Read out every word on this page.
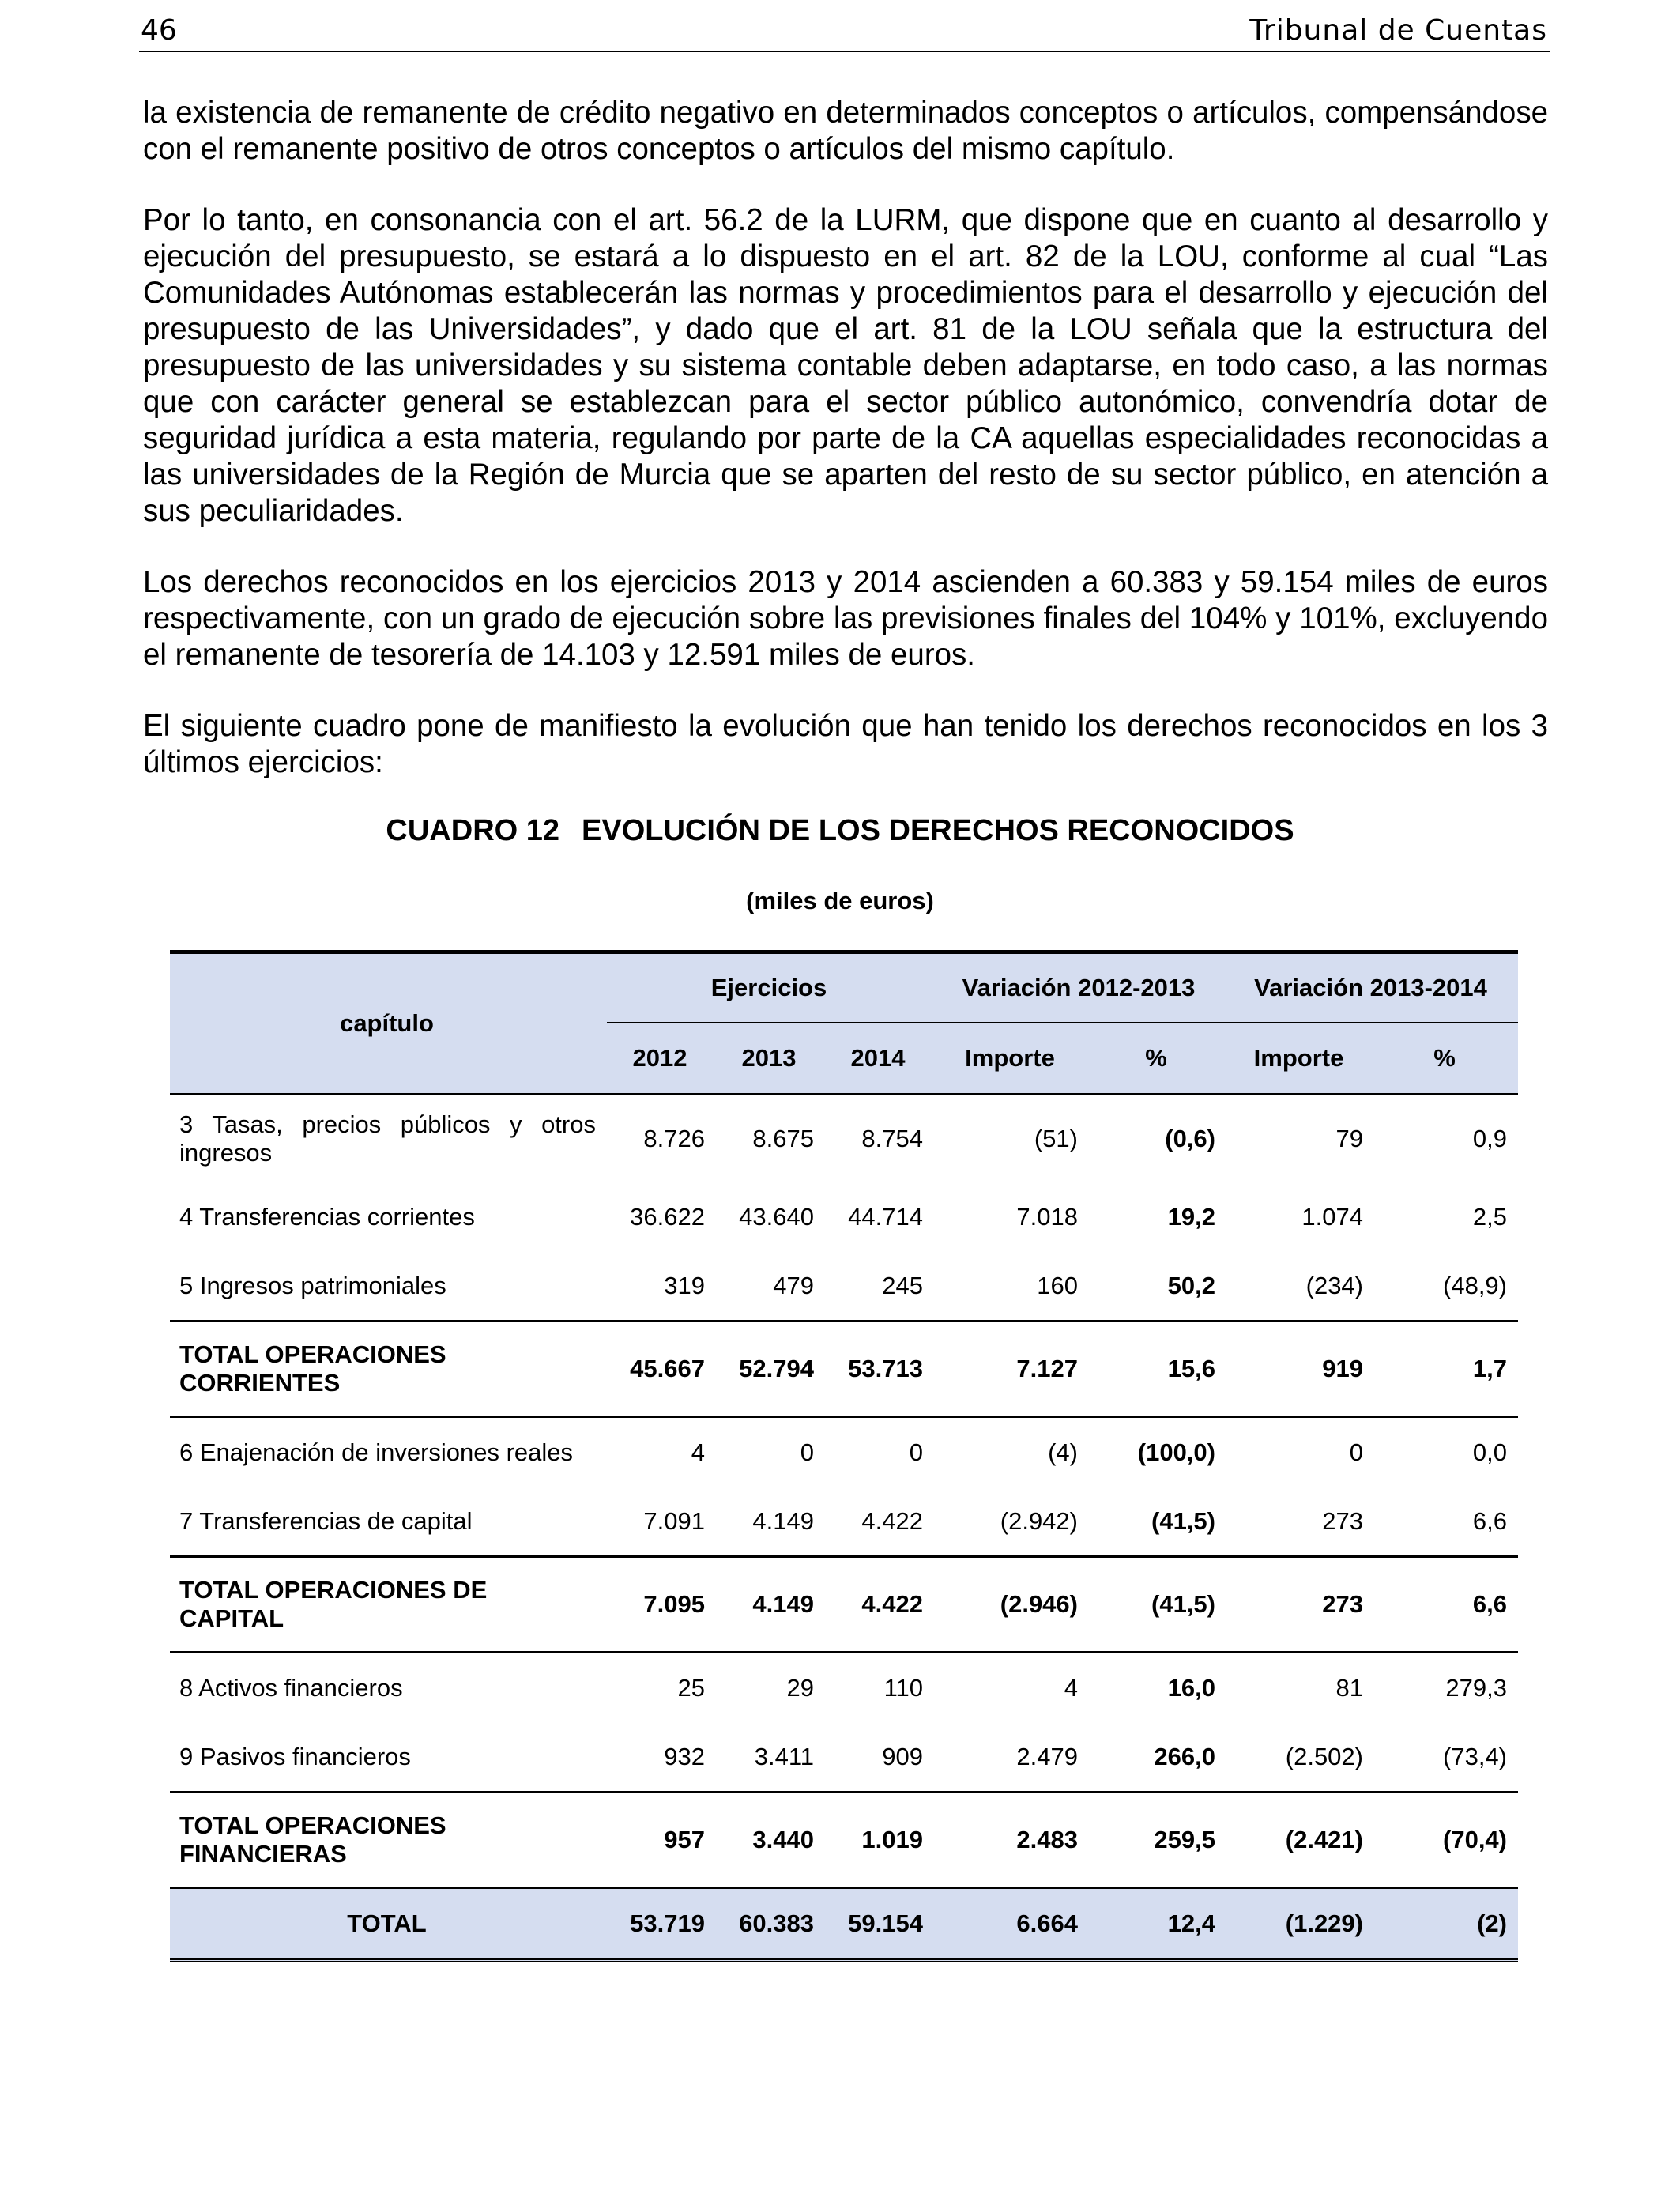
46	Tribunal de Cuentas

la existencia de remanente de crédito negativo en determinados conceptos o artículos, compensándose con el remanente positivo de otros conceptos o artículos del mismo capítulo.

Por lo tanto, en consonancia con el art. 56.2 de la LURM, que dispone que en cuanto al desarrollo y ejecución del presupuesto, se estará a lo dispuesto en el art. 82 de la LOU, conforme al cual “Las Comunidades Autónomas establecerán las normas y procedimientos para el desarrollo y ejecución del presupuesto de las Universidades”, y dado que el art. 81 de la LOU señala que la estructura del presupuesto de las universidades y su sistema contable deben adaptarse, en todo caso, a las normas que con carácter general se establezcan para el sector público autonómico, convendría dotar de seguridad jurídica a esta materia, regulando por parte de la CA aquellas especialidades reconocidas a las universidades de la Región de Murcia que se aparten del resto de su sector público, en atención a sus peculiaridades.

Los derechos reconocidos en los ejercicios 2013 y 2014 ascienden a 60.383 y 59.154 miles de euros respectivamente, con un grado de ejecución sobre las previsiones finales del 104% y 101%, excluyendo el remanente de tesorería de 14.103 y 12.591 miles de euros.

El siguiente cuadro pone de manifiesto la evolución que han tenido los derechos reconocidos en los 3 últimos ejercicios:

CUADRO 12 EVOLUCIÓN DE LOS DERECHOS RECONOCIDOS
(miles de euros)
capítulo	Ejercicios			Variación 2012-2013		Variación 2013-2014	
	2012	2013	2014	Importe	%	Importe	%
3 Tasas, precios públicos y otros ingresos	8.726	8.675	8.754	(51)	(0,6)	79	0,9
4 Transferencias corrientes	36.622	43.640	44.714	7.018	19,2	1.074	2,5
5 Ingresos patrimoniales	319	479	245	160	50,2	(234)	(48,9)
TOTAL OPERACIONES CORRIENTES	45.667	52.794	53.713	7.127	15,6	919	1,7
6 Enajenación de inversiones reales	4	0	0	(4)	(100,0)	0	0,0
7 Transferencias de capital	7.091	4.149	4.422	(2.942)	(41,5)	273	6,6
TOTAL OPERACIONES DE CAPITAL	7.095	4.149	4.422	(2.946)	(41,5)	273	6,6
8 Activos financieros	25	29	110	4	16,0	81	279,3
9 Pasivos financieros	932	3.411	909	2.479	266,0	(2.502)	(73,4)
TOTAL OPERACIONES FINANCIERAS	957	3.440	1.019	2.483	259,5	(2.421)	(70,4)
TOTAL	53.719	60.383	59.154	6.664	12,4	(1.229)	(2)
